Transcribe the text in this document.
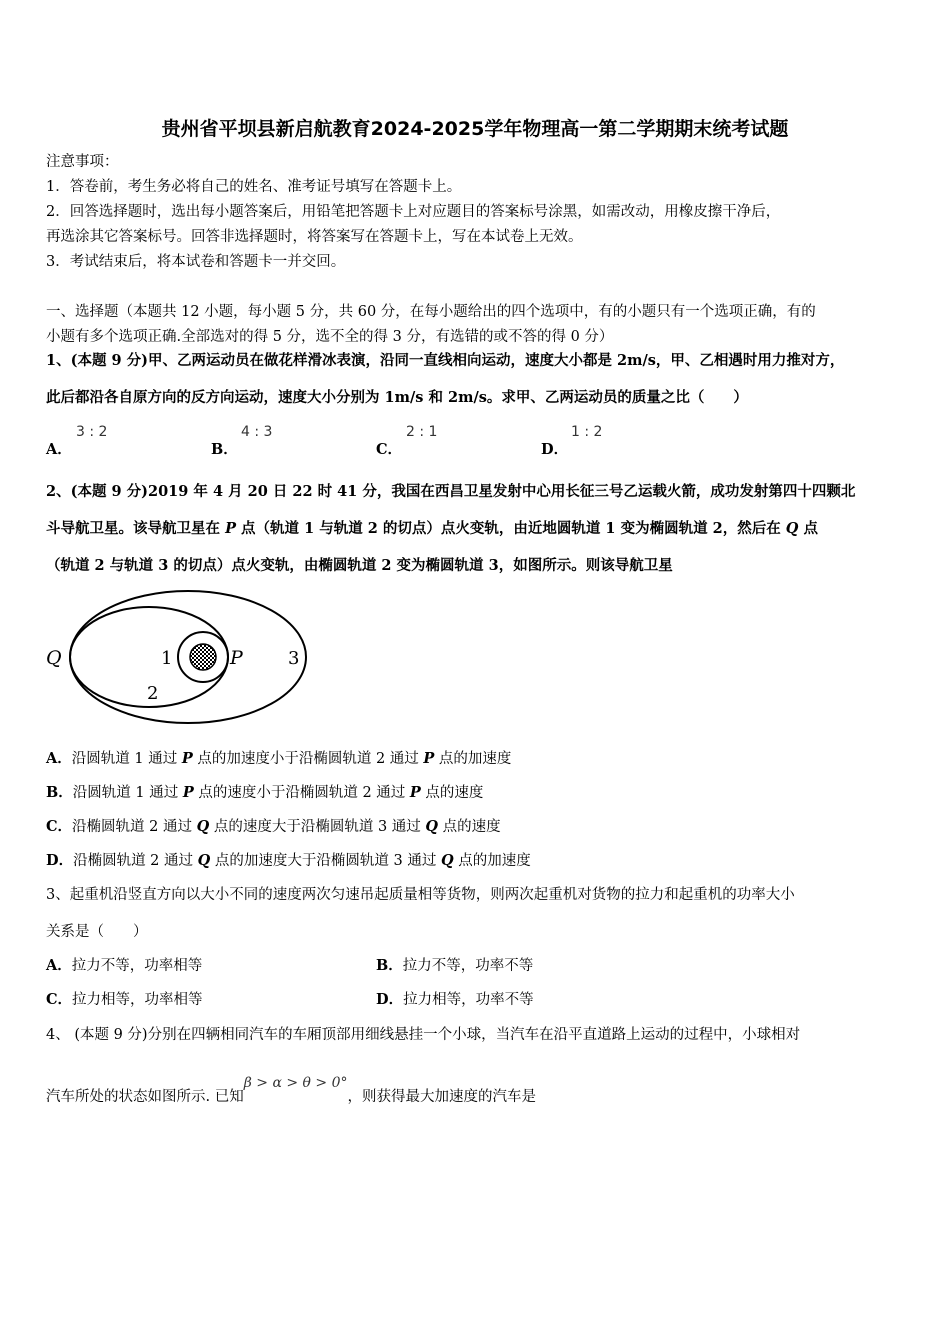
贵州省平坝县新启航教育2024-2025学年物理高一第二学期期末统考试题
注意事项：
1．答卷前，考生务必将自己的姓名、准考证号填写在答题卡上。
2．回答选择题时，选出每小题答案后，用铅笔把答题卡上对应题目的答案标号涂黑，如需改动，用橡皮擦干净后，
再选涂其它答案标号。回答非选择题时，将答案写在答题卡上，写在本试卷上无效。
3．考试结束后，将本试卷和答题卡一并交回。
一、选择题（本题共 12 小题，每小题 5 分，共 60 分，在每小题给出的四个选项中，有的小题只有一个选项正确，有的
小题有多个选项正确.全部选对的得 5 分，选不全的得 3 分，有选错的或不答的得 0 分）
1、(本题 9 分)甲、乙两运动员在做花样滑冰表演，沿同一直线相向运动，速度大小都是 2m/s，甲、乙相遇时用力推对方，
此后都沿各自原方向的反方向运动，速度大小分别为 1m/s 和 2m/s。求甲、乙两运动员的质量之比（　　）
A．
3 : 2
B．
4 : 3
C．
2 : 1
D．
1 : 2
2、(本题 9 分)2019 年 4 月 20 日 22 时 41 分，我国在西昌卫星发射中心用长征三号乙运载火箭，成功发射第四十四颗北
斗导航卫星。该导航卫星在 P 点（轨道 1 与轨道 2 的切点）点火变轨，由近地圆轨道 1 变为椭圆轨道 2，然后在 Q 点
（轨道 2 与轨道 3 的切点）点火变轨，由椭圆轨道 2 变为椭圆轨道 3，如图所示。则该导航卫星
Q	1	P	3
2
A．沿圆轨道 1 通过 P 点的加速度小于沿椭圆轨道 2 通过 P 点的加速度
B．沿圆轨道 1 通过 P 点的速度小于沿椭圆轨道 2 通过 P 点的速度
C．沿椭圆轨道 2 通过 Q 点的速度大于沿椭圆轨道 3 通过 Q 点的速度
D．沿椭圆轨道 2 通过 Q 点的加速度大于沿椭圆轨道 3 通过 Q 点的加速度
3、起重机沿竖直方向以大小不同的速度两次匀速吊起质量相等货物，则两次起重机对货物的拉力和起重机的功率大小
关系是（　　）
A．拉力不等，功率相等	B．拉力不等，功率不等
C．拉力相等，功率相等	D．拉力相等，功率不等
4、 (本题 9 分)分别在四辆相同汽车的车厢顶部用细线悬挂一个小球，当汽车在沿平直道路上运动的过程中，小球相对
汽车所处的状态如图所示. 已知β > α > θ > 0°，则获得最大加速度的汽车是
